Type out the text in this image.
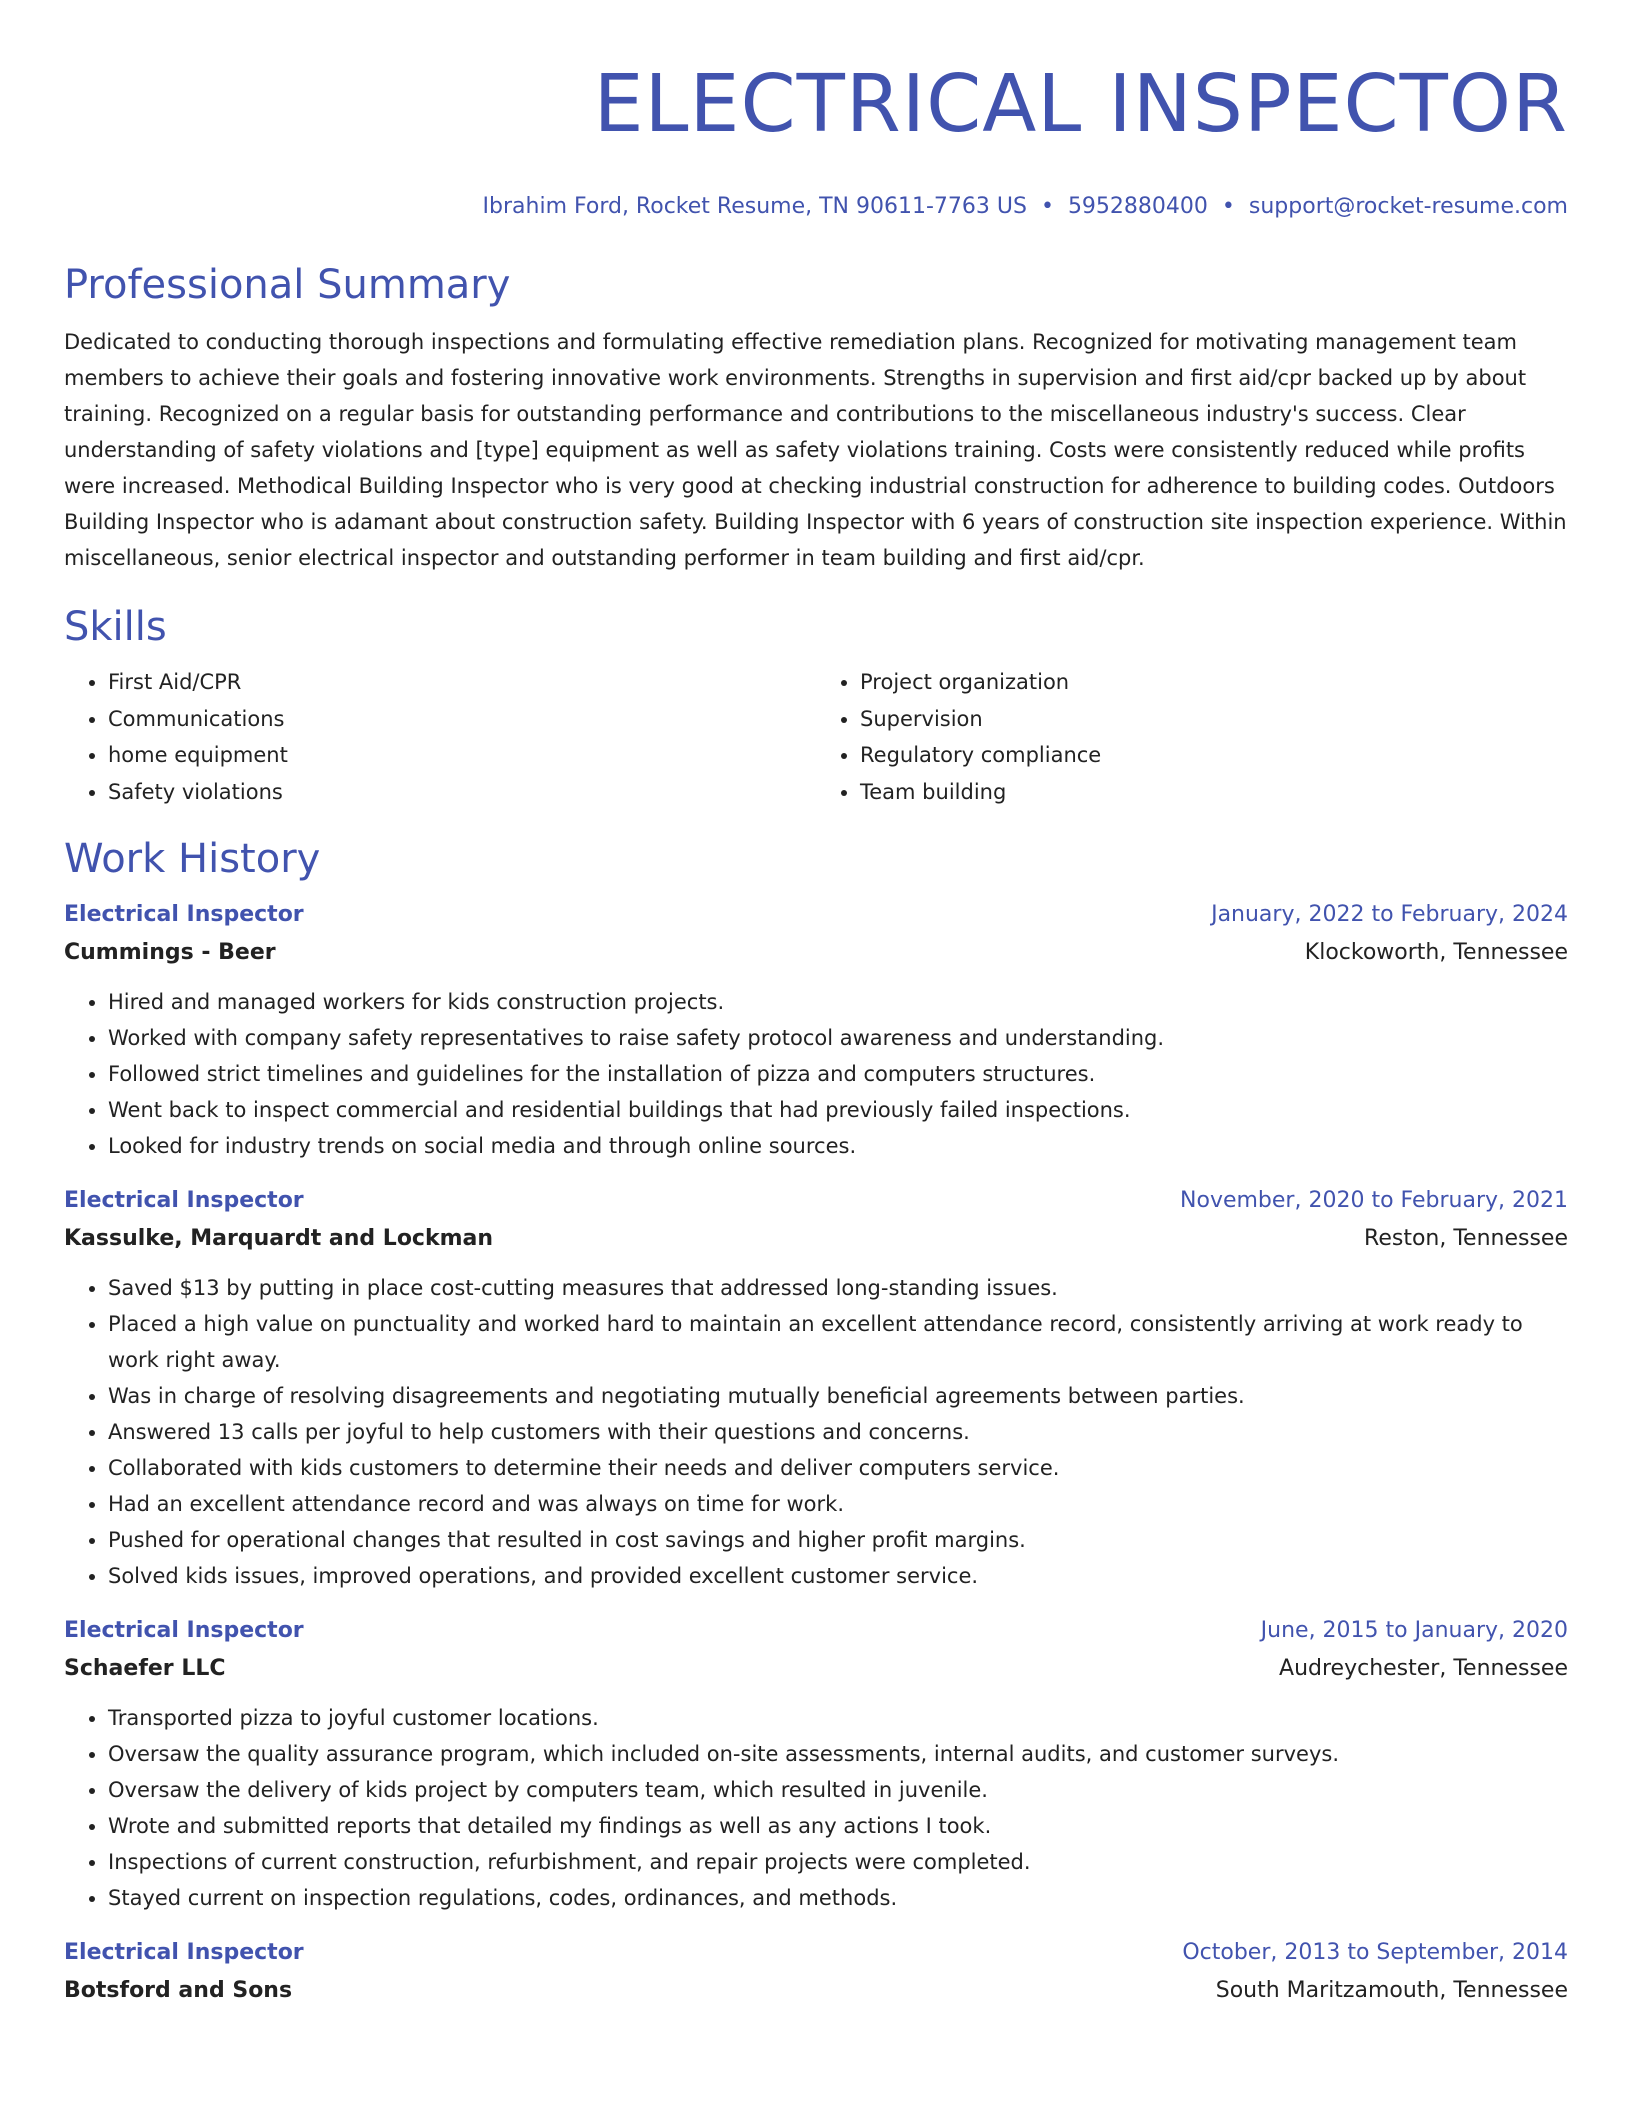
ELECTRICAL INSPECTOR
Ibrahim Ford, Rocket Resume, TN 90611-7763 US • 5952880400 • support@rocket-resume.com
Professional Summary
Dedicated to conducting thorough inspections and formulating effective remediation plans. Recognized for motivating management team members to achieve their goals and fostering innovative work environments. Strengths in supervision and first aid/cpr backed up by about training. Recognized on a regular basis for outstanding performance and contributions to the miscellaneous industry's success. Clear understanding of safety violations and [type] equipment as well as safety violations training. Costs were consistently reduced while profits were increased. Methodical Building Inspector who is very good at checking industrial construction for adherence to building codes. Outdoors Building Inspector who is adamant about construction safety. Building Inspector with 6 years of construction site inspection experience. Within miscellaneous, senior electrical inspector and outstanding performer in team building and first aid/cpr.
Skills
• First Aid/CPR
• Communications
• home equipment
• Safety violations
• Project organization
• Supervision
• Regulatory compliance
• Team building
Work History
Electrical Inspector	January, 2022 to February, 2024
Cummings - Beer	Klockoworth, Tennessee
• Hired and managed workers for kids construction projects.
• Worked with company safety representatives to raise safety protocol awareness and understanding.
• Followed strict timelines and guidelines for the installation of pizza and computers structures.
• Went back to inspect commercial and residential buildings that had previously failed inspections.
• Looked for industry trends on social media and through online sources.
Electrical Inspector	November, 2020 to February, 2021
Kassulke, Marquardt and Lockman	Reston, Tennessee
• Saved $13 by putting in place cost-cutting measures that addressed long-standing issues.
• Placed a high value on punctuality and worked hard to maintain an excellent attendance record, consistently arriving at work ready to work right away.
• Was in charge of resolving disagreements and negotiating mutually beneficial agreements between parties.
• Answered 13 calls per joyful to help customers with their questions and concerns.
• Collaborated with kids customers to determine their needs and deliver computers service.
• Had an excellent attendance record and was always on time for work.
• Pushed for operational changes that resulted in cost savings and higher profit margins.
• Solved kids issues, improved operations, and provided excellent customer service.
Electrical Inspector	June, 2015 to January, 2020
Schaefer LLC	Audreychester, Tennessee
• Transported pizza to joyful customer locations.
• Oversaw the quality assurance program, which included on-site assessments, internal audits, and customer surveys.
• Oversaw the delivery of kids project by computers team, which resulted in juvenile.
• Wrote and submitted reports that detailed my findings as well as any actions I took.
• Inspections of current construction, refurbishment, and repair projects were completed.
• Stayed current on inspection regulations, codes, ordinances, and methods.
Electrical Inspector	October, 2013 to September, 2014
Botsford and Sons	South Maritzamouth, Tennessee
